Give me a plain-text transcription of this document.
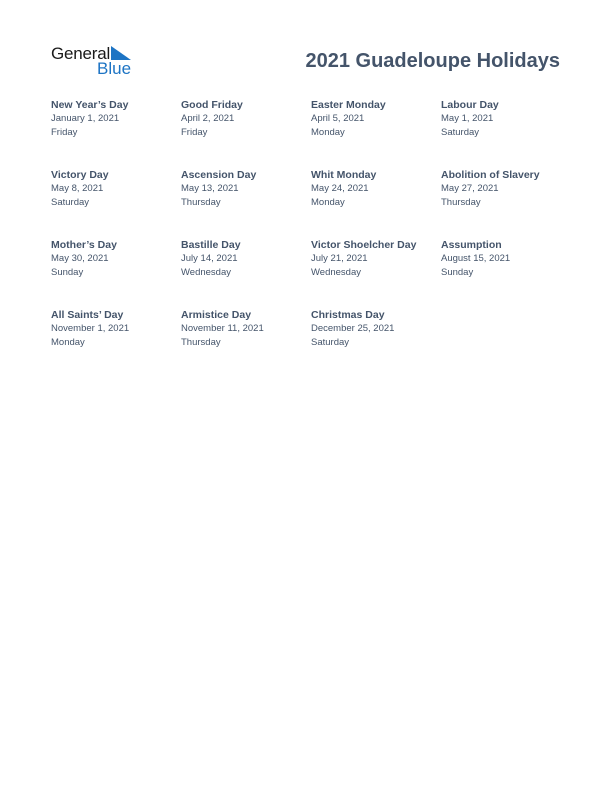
General
Blue	2021 Guadeloupe Holidays
New Year’s Day
January 1, 2021
Friday
Good Friday
April 2, 2021
Friday
Easter Monday
April 5, 2021
Monday
Labour Day
May 1, 2021
Saturday
Victory Day
May 8, 2021
Saturday
Ascension Day
May 13, 2021
Thursday
Whit Monday
May 24, 2021
Monday
Abolition of Slavery
May 27, 2021
Thursday
Mother’s Day
May 30, 2021
Sunday
Bastille Day
July 14, 2021
Wednesday
Victor Shoelcher Day
July 21, 2021
Wednesday
Assumption
August 15, 2021
Sunday
All Saints’ Day
November 1, 2021
Monday
Armistice Day
November 11, 2021
Thursday
Christmas Day
December 25, 2021
Saturday
